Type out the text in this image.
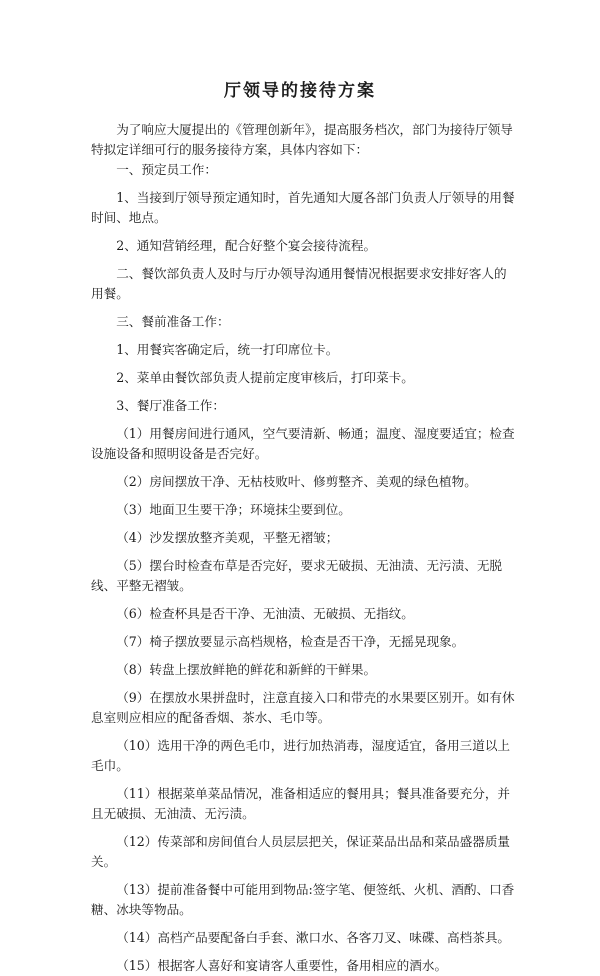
厅领导的接待方案

为了响应大厦提出的《管理创新年》，提高服务档次，部门为接待厅领导特拟定详细可行的服务接待方案，具体内容如下：

一、预定员工作：

1、当接到厅领导预定通知时，首先通知大厦各部门负责人厅领导的用餐时间、地点。

2、通知营销经理，配合好整个宴会接待流程。

二、餐饮部负责人及时与厅办领导沟通用餐情况根据要求安排好客人的用餐。

三、餐前准备工作：

1、用餐宾客确定后，统一打印席位卡。

2、菜单由餐饮部负责人提前定度审核后，打印菜卡。

3、餐厅准备工作：

（1）用餐房间进行通风，空气要清新、畅通；温度、湿度要适宜；检查设施设备和照明设备是否完好。

（2）房间摆放干净、无枯枝败叶、修剪整齐、美观的绿色植物。

（3）地面卫生要干净；环境抹尘要到位。

（4）沙发摆放整齐美观，平整无褶皱；

（5）摆台时检查布草是否完好，要求无破损、无油渍、无污渍、无脱线、平整无褶皱。

（6）检查杯具是否干净、无油渍、无破损、无指纹。

（7）椅子摆放要显示高档规格，检查是否干净，无摇晃现象。

（8）转盘上摆放鲜艳的鲜花和新鲜的干鲜果。

（9）在摆放水果拼盘时，注意直接入口和带壳的水果要区别开。如有休息室则应相应的配备香烟、茶水、毛巾等。

（10）选用干净的两色毛巾，进行加热消毒，湿度适宜，备用三道以上毛巾。

（11）根据菜单菜品情况，准备相适应的餐用具；餐具准备要充分，并且无破损、无油渍、无污渍。

（12）传菜部和房间值台人员层层把关，保证菜品出品和菜品盛器质量关。

（13）提前准备餐中可能用到物品:签字笔、便签纸、火机、酒酌、口香糖、冰块等物品。

（14）高档产品要配备白手套、漱口水、各客刀叉、味碟、高档茶具。

（15）根据客人喜好和宴请客人重要性，备用相应的酒水。
